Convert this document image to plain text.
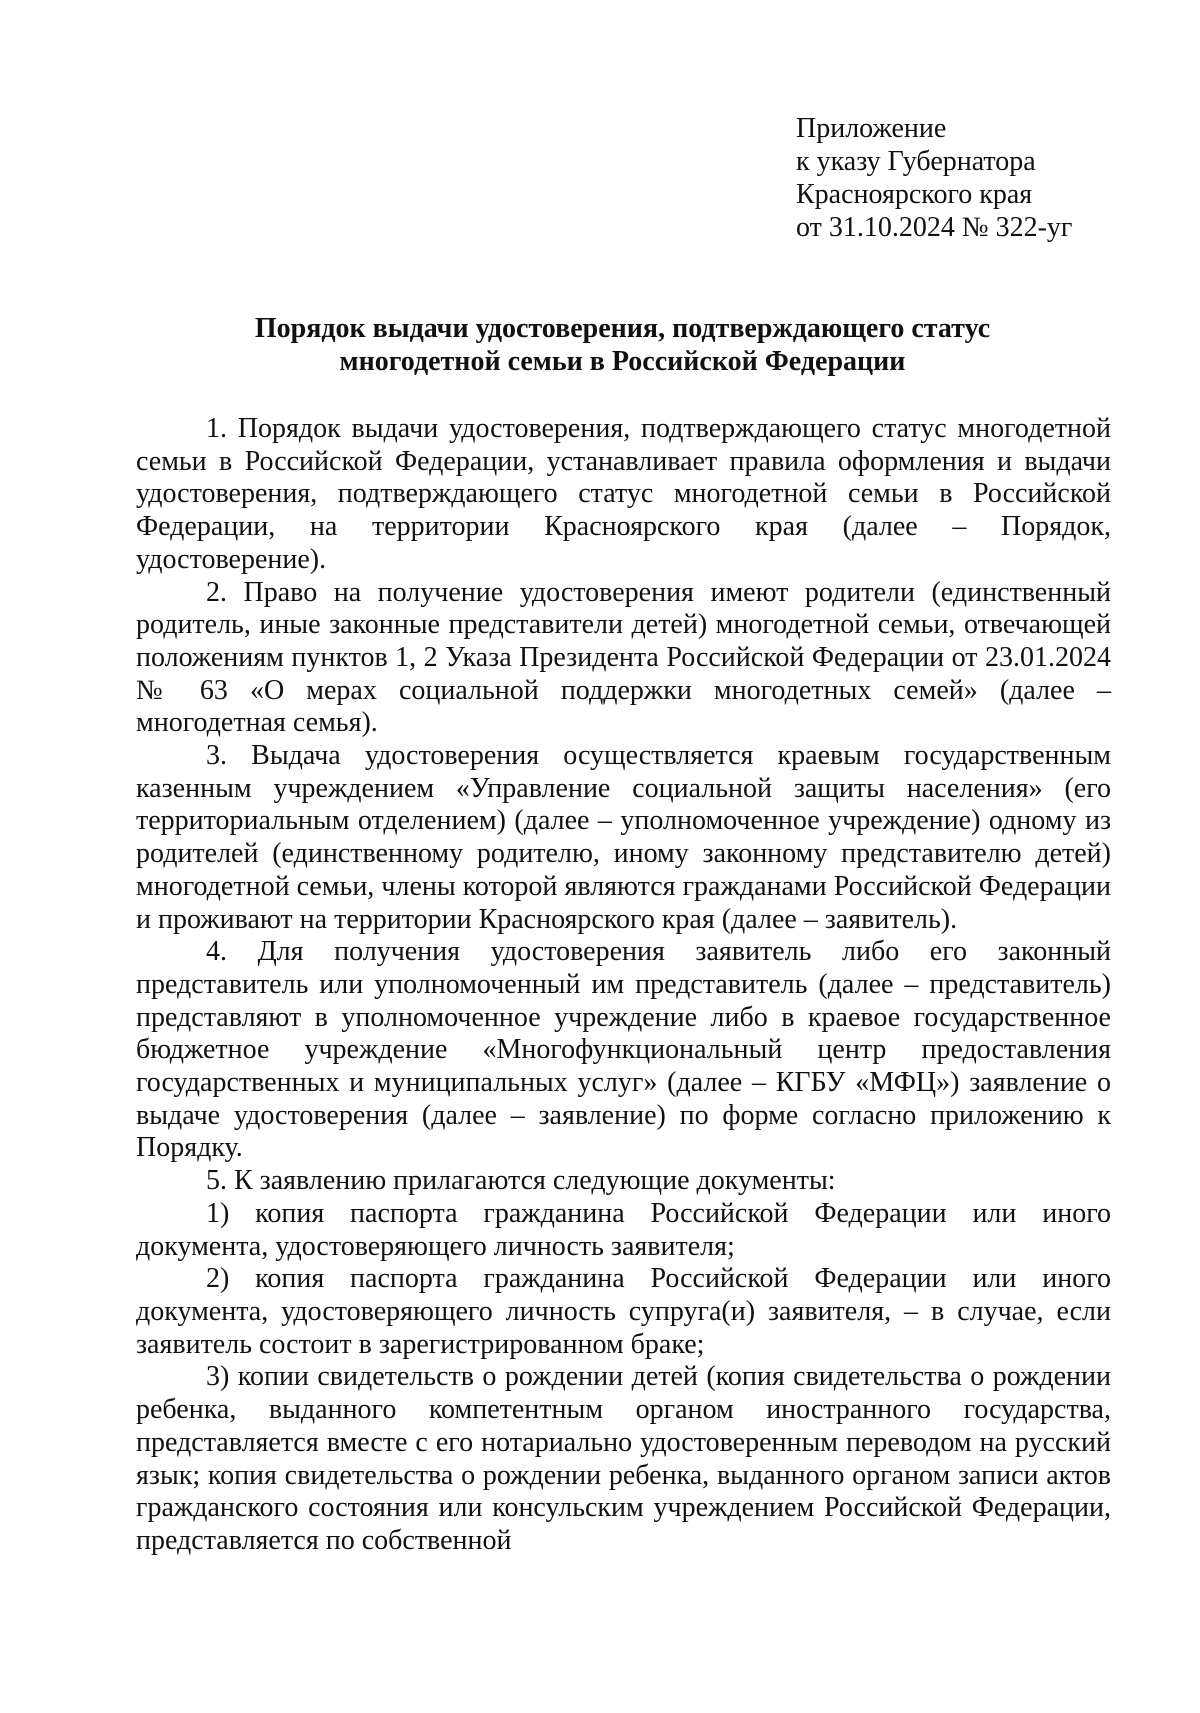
Приложение
к указу Губернатора
Красноярского края
от 31.10.2024 № 322-уг
Порядок выдачи удостоверения, подтверждающего статус
многодетной семьи в Российской Федерации

1. Порядок выдачи удостоверения, подтверждающего статус многодетной семьи в Российской Федерации, устанавливает правила оформления и выдачи удостоверения, подтверждающего статус многодетной семьи в Российской Федерации, на территории Красноярского края (далее – Порядок, удостоверение).

2. Право на получение удостоверения имеют родители (единственный родитель, иные законные представители детей) многодетной семьи, отвечающей положениям пунктов 1, 2 Указа Президента Российской Федерации от 23.01.2024 № 63 «О мерах социальной поддержки многодетных семей» (далее – многодетная семья).

3. Выдача удостоверения осуществляется краевым государственным казенным учреждением «Управление социальной защиты населения» (его территориальным отделением) (далее – уполномоченное учреждение) одному из родителей (единственному родителю, иному законному представителю детей) многодетной семьи, члены которой являются гражданами Российской Федерации и проживают на территории Красноярского края (далее – заявитель).

4. Для получения удостоверения заявитель либо его законный представитель или уполномоченный им представитель (далее – представитель) представляют в уполномоченное учреждение либо в краевое государственное бюджетное учреждение «Многофункциональный центр предоставления государственных и муниципальных услуг» (далее – КГБУ «МФЦ») заявление о выдаче удостоверения (далее – заявление) по форме согласно приложению к Порядку.

5. К заявлению прилагаются следующие документы:

1) копия паспорта гражданина Российской Федерации или иного документа, удостоверяющего личность заявителя;

2) копия паспорта гражданина Российской Федерации или иного документа, удостоверяющего личность супруга(и) заявителя, – в случае, если заявитель состоит в зарегистрированном браке;

3) копии свидетельств о рождении детей (копия свидетельства о рождении ребенка, выданного компетентным органом иностранного государства, представляется вместе с его нотариально удостоверенным переводом на русский язык; копия свидетельства о рождении ребенка, выданного органом записи актов гражданского состояния или консульским учреждением Российской Федерации, представляется по собственной
